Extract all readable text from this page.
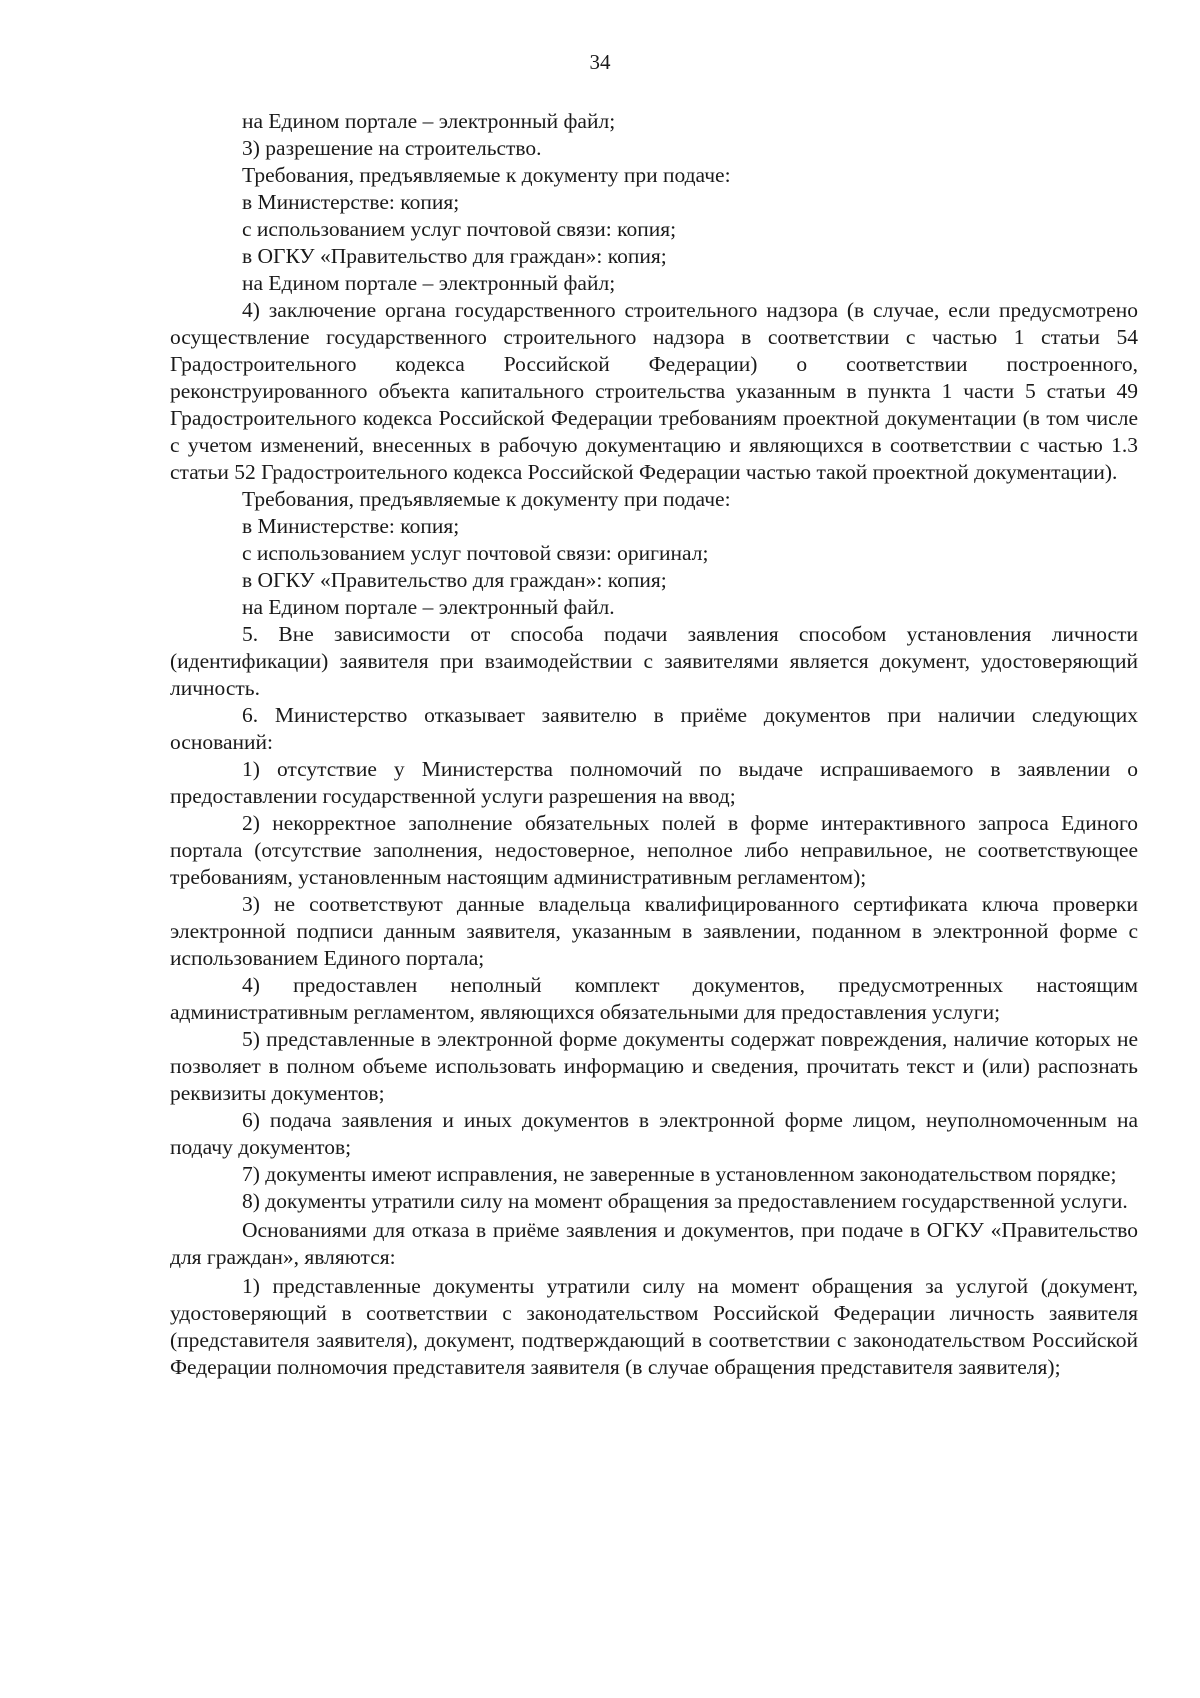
34
на Едином портале – электронный файл;
3) разрешение на строительство.
Требования, предъявляемые к документу при подаче:
в Министерстве: копия;
с использованием услуг почтовой связи: копия;
в ОГКУ «Правительство для граждан»: копия;
на Едином портале – электронный файл;

4) заключение органа государственного строительного надзора (в случае, если предусмотрено осуществление государственного строительного надзора в соответствии с частью 1 статьи 54 Градостроительного кодекса Российской Федерации) о соответствии построенного, реконструированного объекта капитального строительства указанным в пункта 1 части 5 статьи 49 Градостроительного кодекса Российской Федерации требованиям проектной документации (в том числе с учетом изменений, внесенных в рабочую документацию и являющихся в соответствии с частью 1.3 статьи 52 Градостроительного кодекса Российской Федерации частью такой проектной документации).

Требования, предъявляемые к документу при подаче:
в Министерстве: копия;
с использованием услуг почтовой связи: оригинал;
в ОГКУ «Правительство для граждан»: копия;
на Едином портале – электронный файл.

5. Вне зависимости от способа подачи заявления способом установления личности (идентификации) заявителя при взаимодействии с заявителями является документ, удостоверяющий личность.

6. Министерство отказывает заявителю в приёме документов при наличии следующих оснований:

1) отсутствие у Министерства полномочий по выдаче испрашиваемого в заявлении о предоставлении государственной услуги разрешения на ввод;

2) некорректное заполнение обязательных полей в форме интерактивного запроса Единого портала (отсутствие заполнения, недостоверное, неполное либо неправильное, не соответствующее требованиям, установленным настоящим административным регламентом);

3) не соответствуют данные владельца квалифицированного сертификата ключа проверки электронной подписи данным заявителя, указанным в заявлении, поданном в электронной форме с использованием Единого портала;

4) предоставлен неполный комплект документов, предусмотренных настоящим административным регламентом, являющихся обязательными для предоставления услуги;

5) представленные в электронной форме документы содержат повреждения, наличие которых не позволяет в полном объеме использовать информацию и сведения, прочитать текст и (или) распознать реквизиты документов;

6) подача заявления и иных документов в электронной форме лицом, неуполномоченным на подачу документов;

7) документы имеют исправления, не заверенные в установленном законодательством порядке;

8) документы утратили силу на момент обращения за предоставлением государственной услуги.

Основаниями для отказа в приёме заявления и документов, при подаче в ОГКУ «Правительство для граждан», являются:

1) представленные документы утратили силу на момент обращения за услугой (документ, удостоверяющий в соответствии с законодательством Российской Федерации личность заявителя (представителя заявителя), документ, подтверждающий в соответствии с законодательством Российской Федерации полномочия представителя заявителя (в случае обращения представителя заявителя);
